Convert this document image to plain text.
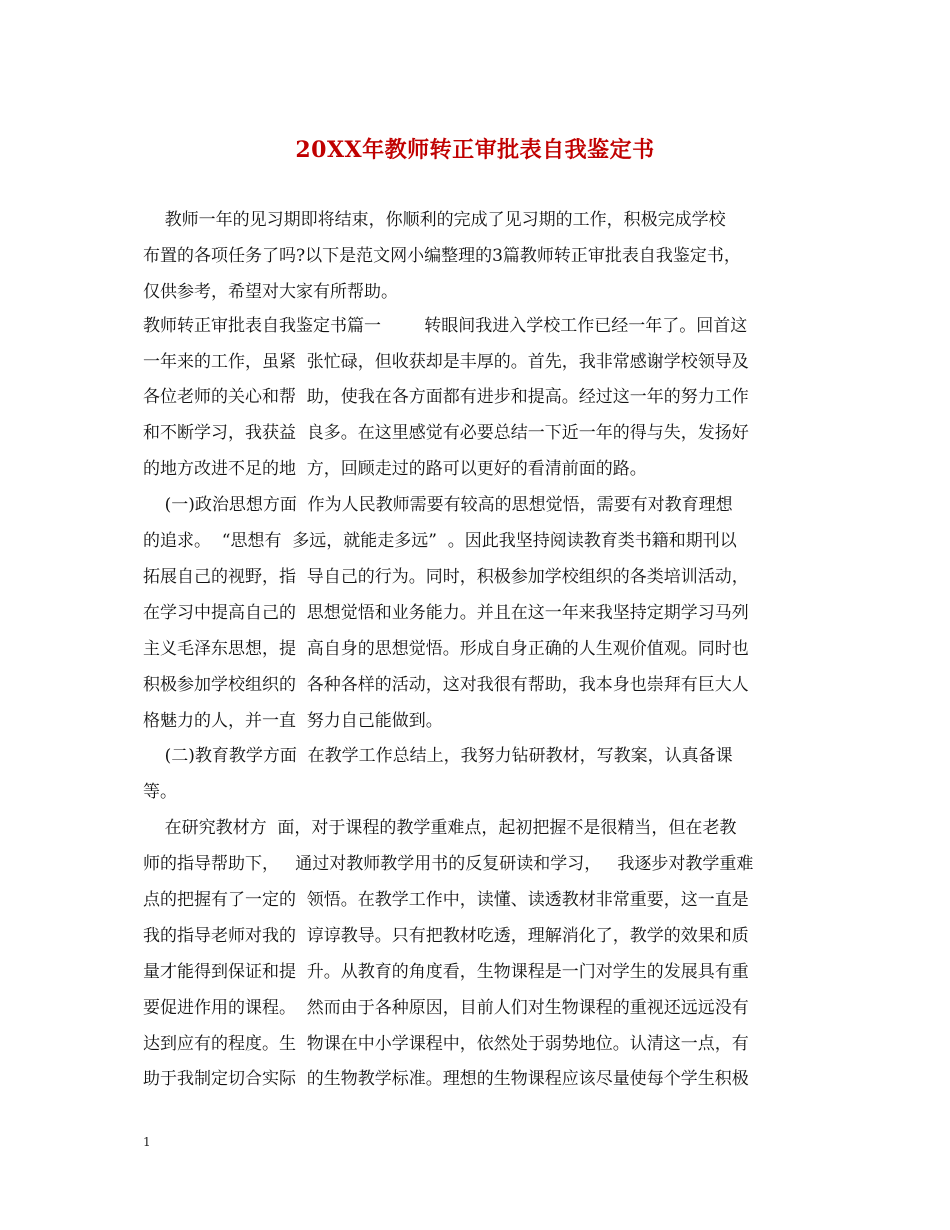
20XX年教师转正审批表自我鉴定书
教师一年的见习期即将结束，你顺利的完成了见习期的工作，积极完成学校
布置的各项任务了吗?以下是范文网小编整理的3篇教师转正审批表自我鉴定书，
仅供参考，希望对大家有所帮助。
教师转正审批表自我鉴定书篇一        转眼间我进入学校工作已经一年了。回首这
一年来的工作，虽紧  张忙碌，但收获却是丰厚的。首先，我非常感谢学校领导及
各位老师的关心和帮  助，使我在各方面都有进步和提高。经过这一年的努力工作
和不断学习，我获益  良多。在这里感觉有必要总结一下近一年的得与失，发扬好
的地方改进不足的地  方，回顾走过的路可以更好的看清前面的路。
(一)政治思想方面  作为人民教师需要有较高的思想觉悟，需要有对教育理想
的追求。  “思想有  多远，就能走多远”  。因此我坚持阅读教育类书籍和期刊以
拓展自己的视野，指  导自己的行为。同时，积极参加学校组织的各类培训活动，
在学习中提高自己的  思想觉悟和业务能力。并且在这一年来我坚持定期学习马列
主义毛泽东思想，提  高自身的思想觉悟。形成自身正确的人生观价值观。同时也
积极参加学校组织的  各种各样的活动，这对我很有帮助，我本身也崇拜有巨大人
格魅力的人，并一直  努力自己能做到。
(二)教育教学方面  在教学工作总结上，我努力钻研教材，写教案，认真备课
等。
在研究教材方  面，对于课程的教学重难点，起初把握不是很精当，但在老教
师的指导帮助下，   通过对教师教学用书的反复研读和学习，   我逐步对教学重难
点的把握有了一定的  领悟。在教学工作中，读懂、读透教材非常重要，这一直是
我的指导老师对我的  谆谆教导。只有把教材吃透，理解消化了，教学的效果和质
量才能得到保证和提  升。从教育的角度看，生物课程是一门对学生的发展具有重
要促进作用的课程。  然而由于各种原因，目前人们对生物课程的重视还远远没有
达到应有的程度。生  物课在中小学课程中，依然处于弱势地位。认清这一点，有
助于我制定切合实际  的生物教学标准。理想的生物课程应该尽量使每个学生积极
1
